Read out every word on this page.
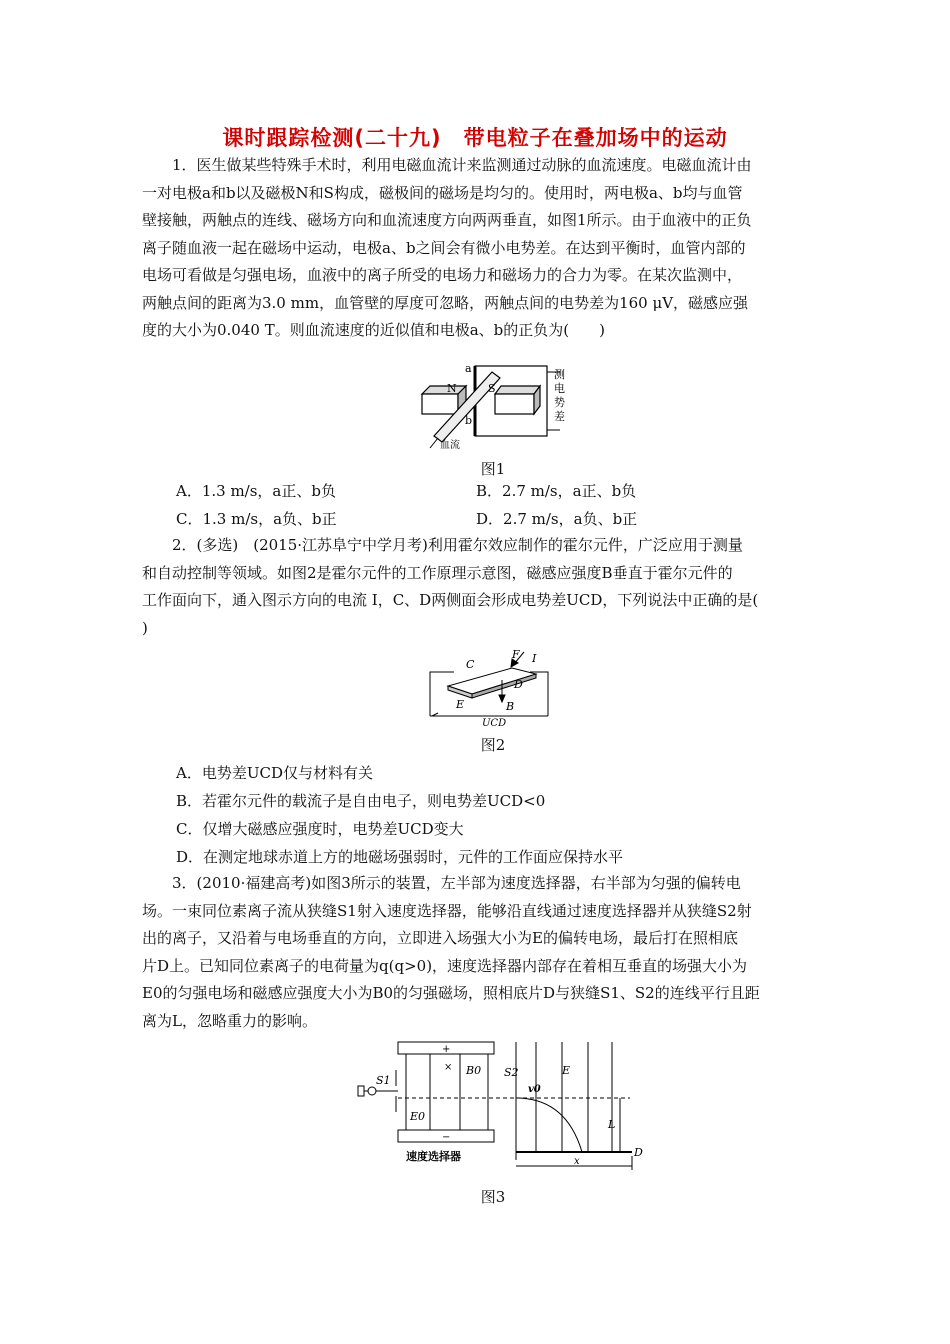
课时跟踪检测(二十九)　带电粒子在叠加场中的运动
1．医生做某些特殊手术时，利用电磁血流计来监测通过动脉的血流速度。电磁血流计由
一对电极a和b以及磁极N和S构成，磁极间的磁场是均匀的。使用时，两电极a、b均与血管
壁接触，两触点的连线、磁场方向和血流速度方向两两垂直，如图1所示。由于血液中的正负
离子随血液一起在磁场中运动，电极a、b之间会有微小电势差。在达到平衡时，血管内部的
电场可看做是匀强电场，血液中的离子所受的电场力和磁场力的合力为零。在某次监测中，
两触点间的距离为3.0 mm，血管壁的厚度可忽略，两触点间的电势差为160 μV，磁感应强
度的大小为0.040 T。则血流速度的近似值和电极a、b的正负为(　　)
a
N	S
b
血流
测
电
势
差
图1
A．1.3 m/s，a正、b负	B．2.7 m/s，a正、b负
C．1.3 m/s，a负、b正	D．2.7 m/s，a负、b正
2．(多选)　(2015·江苏阜宁中学月考)利用霍尔效应制作的霍尔元件，广泛应用于测量
和自动控制等领域。如图2是霍尔元件的工作原理示意图，磁感应强度B垂直于霍尔元件的
工作面向下，通入图示方向的电流 I，C、D两侧面会形成电势差UCD，下列说法中正确的是(
)
C
F I
D
E	B
UCD
图2
A．电势差UCD仅与材料有关
B．若霍尔元件的载流子是自由电子，则电势差UCD<0
C．仅增大磁感应强度时，电势差UCD变大
D．在测定地球赤道上方的地磁场强弱时，元件的工作面应保持水平
3．(2010·福建高考)如图3所示的装置，左半部为速度选择器，右半部为匀强的偏转电
场。一束同位素离子流从狭缝S1射入速度选择器，能够沿直线通过速度选择器并从狭缝S2射
出的离子，又沿着与电场垂直的方向，立即进入场强大小为E的偏转电场，最后打在照相底
片D上。已知同位素离子的电荷量为q(q>0)，速度选择器内部存在着相互垂直的场强大小为
E0的匀强电场和磁感应强度大小为B0的匀强磁场，照相底片D与狭缝S1、S2的连线平行且距
离为L，忽略重力的影响。
S1
B0 S2
v0
E
E0
L
x
D
速度选择器
+
−
×
图3
